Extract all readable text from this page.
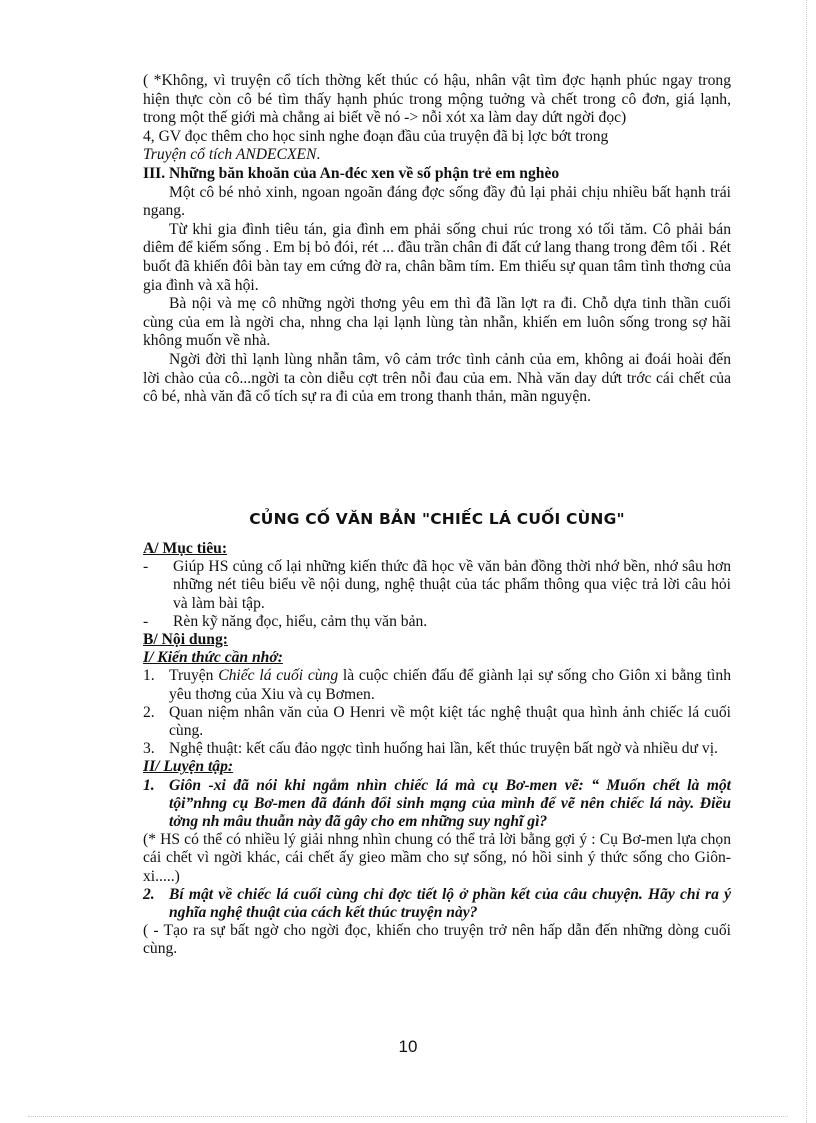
( *Không, vì truyện cổ tích thờng kết thúc có hậu, nhân vật tìm đợc hạnh phúc ngay trong hiện thực còn cô bé tìm thấy hạnh phúc trong mộng tuởng và chết trong cô đơn, giá lạnh, trong một thế giới mà chẳng ai biết về nó -> nỗi xót xa làm day dứt ngời đọc)

4, GV đọc thêm cho học sinh nghe đoạn đầu của truyện đã bị lợc bớt trong
Truyện cổ tích ANDECXEN.

III. Những băn khoăn của An-đéc xen về số phận trẻ em nghèo

Một cô bé nhỏ xinh, ngoan ngoãn đáng đợc sống đầy đủ lại phải chịu nhiều bất hạnh trái ngang.

Từ khi gia đình tiêu tán, gia đình em phải sống chui rúc trong xó tối tăm. Cô phải bán diêm để kiếm sống . Em bị bỏ đói, rét ... đầu trần chân đi đất cứ lang thang trong đêm tối . Rét buốt đã khiến đôi bàn tay em cứng đờ ra, chân bầm tím. Em thiếu sự quan tâm tình thơng của gia đình và xã hội.

Bà nội và mẹ cô những ngời thơng yêu em thì đã lần lợt ra đi. Chỗ dựa tinh thần cuối cùng của em là ngời cha, nhng cha lại lạnh lùng tàn nhẫn, khiến em luôn sống trong sợ hãi không muốn về nhà.

Ngời đời thì lạnh lùng nhẫn tâm, vô cảm trớc tình cảnh của em, không ai đoái hoài đến lời chào của cô...ngời ta còn diễu cợt trên nỗi đau của em. Nhà văn day dứt trớc cái chết của cô bé, nhà văn đã cổ tích sự ra đi của em trong thanh thản, mãn nguyện.

CỦNG CỐ VĂN BẢN "CHIẾC LÁ CUỐI CÙNG"

A/ Mục tiêu:

-	Giúp HS củng cố lại những kiến thức đã học về văn bản đồng thời nhớ bền, nhớ sâu hơn những nét tiêu biểu về nội dung, nghệ thuật của tác phẩm thông qua việc trả lời câu hỏi và làm bài tập.
-	Rèn kỹ năng đọc, hiểu, cảm thụ văn bản.

B/ Nội dung:

I/ Kiến thức cần nhớ:

1. Truyện Chiếc lá cuối cùng là cuộc chiến đấu để giành lại sự sống cho Giôn xi bằng tình yêu thơng của Xiu và cụ Bơmen.
2. Quan niệm nhân văn của O Henri về một kiệt tác nghệ thuật qua hình ảnh chiếc lá cuối cùng.
3. Nghệ thuật: kết cấu đảo ngợc tình huống hai lần, kết thúc truyện bất ngờ và nhiều dư vị.

II/ Luyện tập:

1. Giôn -xi đã nói khi ngắm nhìn chiếc lá mà cụ Bơ-men vẽ: “ Muốn chết là một tội”nhng cụ Bơ-men đã đánh đổi sinh mạng của mình để vẽ nên chiếc lá này. Điều tởng nh mâu thuẫn này đã gây cho em những suy nghĩ gì?

(* HS có thể có nhiều lý giải nhng nhìn chung có thể trả lời bằng gợi ý : Cụ Bơ-men lựa chọn cái chết vì ngời khác, cái chết ấy gieo mầm cho sự sống, nó hồi sinh ý thức sống cho Giôn- xi.....)

2. Bí mật về chiếc lá cuối cùng chỉ đợc tiết lộ ở phần kết của câu chuyện. Hãy chỉ ra ý nghĩa nghệ thuật của cách kết thúc truyện này?

( - Tạo ra sự bất ngờ cho ngời đọc, khiến cho truyện trở nên hấp dẫn đến những dòng cuối cùng.

10
